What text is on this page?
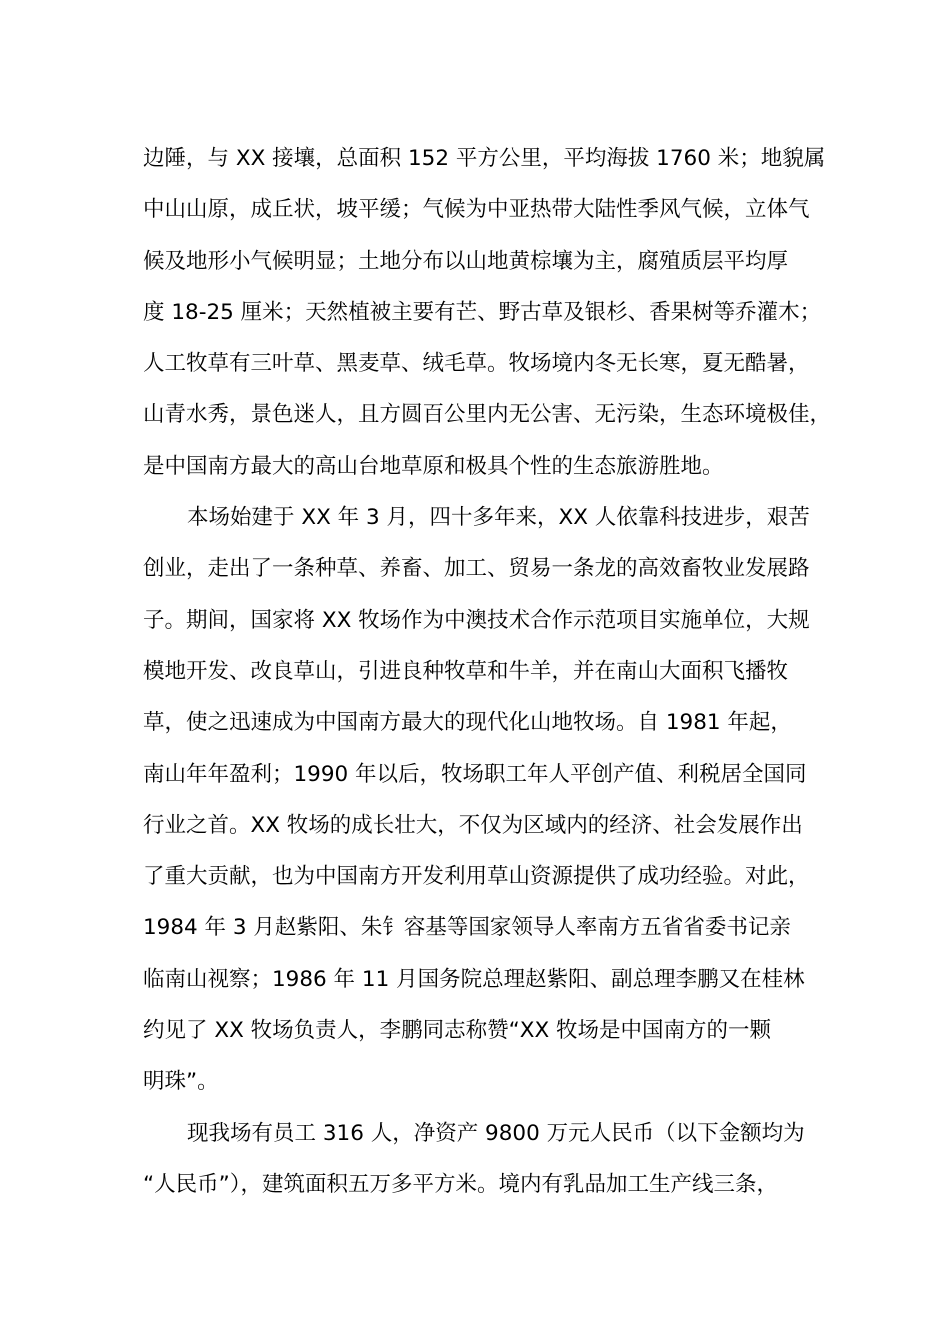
边陲，与 XX 接壤，总面积 152 平方公里，平均海拔 1760 米；地貌属
中山山原，成丘状，坡平缓；气候为中亚热带大陆性季风气候，立体气
候及地形小气候明显；土地分布以山地黄棕壤为主，腐殖质层平均厚
度 18-25 厘米；天然植被主要有芒、野古草及银杉、香果树等乔灌木；
人工牧草有三叶草、黑麦草、绒毛草。牧场境内冬无长寒，夏无酷暑，
山青水秀，景色迷人，且方圆百公里内无公害、无污染，生态环境极佳，
是中国南方最大的高山台地草原和极具个性的生态旅游胜地。
本场始建于 XX 年 3 月，四十多年来，XX 人依靠科技进步，艰苦
创业，走出了一条种草、养畜、加工、贸易一条龙的高效畜牧业发展路
子。期间，国家将 XX 牧场作为中澳技术合作示范项目实施单位，大规
模地开发、改良草山，引进良种牧草和牛羊，并在南山大面积飞播牧
草，使之迅速成为中国南方最大的现代化山地牧场。自 1981 年起，
南山年年盈利；1990 年以后，牧场职工年人平创产值、利税居全国同
行业之首。XX 牧场的成长壮大，不仅为区域内的经济、社会发展作出
了重大贡献，也为中国南方开发利用草山资源提供了成功经验。对此，
1984 年 3 月赵紫阳、朱钅容基等国家领导人率南方五省省委书记亲
临南山视察；1986 年 11 月国务院总理赵紫阳、副总理李鹏又在桂林
约见了 XX 牧场负责人，李鹏同志称赞“XX 牧场是中国南方的一颗
明珠”。
现我场有员工 316 人，净资产 9800 万元人民币（以下金额均为
“人民币”），建筑面积五万多平方米。境内有乳品加工生产线三条，
